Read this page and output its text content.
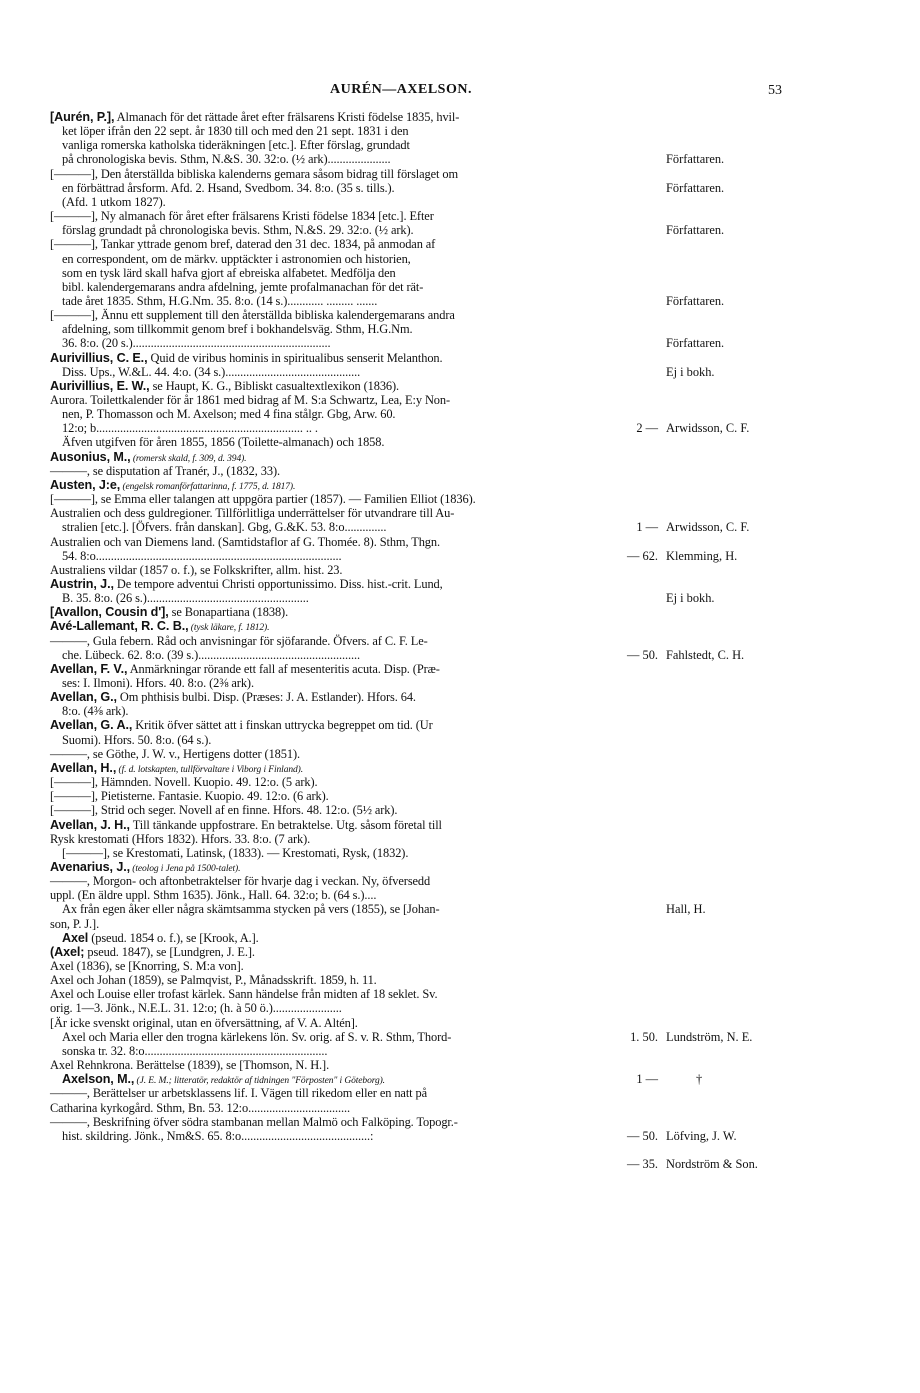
AURÉN—AXELSON.	53
[Aurén, P.], Almanach för det rättade året efter frälsarens Kristi födelse 1835, hvil-
ket löper ifrån den 22 sept. år 1830 till och med den 21 sept. 1831 i den
vanliga romerska katholska tideräkningen [etc.]. Efter förslag, grundadt
på chronologiska bevis. Sthm, N.&S. 30. 32:o. (½ ark).....................
[———], Den återställda bibliska kalenderns gemara såsom bidrag till förslaget om
en förbättrad årsform. Afd. 2. Hsand, Svedbom. 34. 8:o. (35 s. tills.).
(Afd. 1 utkom 1827).
[———], Ny almanach för året efter frälsarens Kristi födelse 1834 [etc.]. Efter
förslag grundadt på chronologiska bevis. Sthm, N.&S. 29. 32:o. (½ ark).
[———], Tankar yttrade genom bref, daterad den 31 dec. 1834, på anmodan af
en correspondent, om de märkv. upptäckter i astronomien och historien,
som en tysk lärd skall hafva gjort af ebreiska alfabetet. Medfölja den
bibl. kalendergemarans andra afdelning, jemte profalmanachan för det rät-
tade året 1835. Sthm, H.G.Nm. 35. 8:o. (14 s.)............ ......... .......
[———], Ännu ett supplement till den återställda bibliska kalendergemarans andra
afdelning, som tillkommit genom bref i bokhandelsväg. Sthm, H.G.Nm.
36. 8:o. (20 s.)..................................................................
Aurivillius, C. E., Quid de viribus hominis in spiritualibus senserit Melanthon.
Diss. Ups., W.&L. 44. 4:o. (34 s.).............................................
Aurivillius, E. W., se Haupt, K. G., Bibliskt casualtextlexikon (1836).
Aurora. Toilettkalender för år 1861 med bidrag af M. S:a Schwartz, Lea, E:y Non-
nen, P. Thomasson och M. Axelson; med 4 fina stålgr. Gbg, Arw. 60.
12:o; b..................................................................... .. .
Äfven utgifven för åren 1855, 1856 (Toilette-almanach) och 1858.
Ausonius, M., (romersk skald, f. 309, d. 394).
———, se disputation af Tranér, J., (1832, 33).
Austen, J:e, (engelsk romanförfattarinna, f. 1775, d. 1817).
[———], se Emma eller talangen att uppgöra partier (1857). — Familien Elliot (1836).
Australien och dess guldregioner. Tillförlitliga underrättelser för utvandrare till Au-
stralien [etc.]. [Öfvers. från danskan]. Gbg, G.&K. 53. 8:o..............
Australien och van Diemens land. (Samtidstaflor af G. Thomée. 8). Sthm, Thgn.
54. 8:o..................................................................................
Australiens vildar (1857 o. f.), se Folkskrifter, allm. hist. 23.
Austrin, J., De tempore adventui Christi opportunissimo. Diss. hist.-crit. Lund,
B. 35. 8:o. (26 s.)......................................................
[Avallon, Cousin d'], se Bonapartiana (1838).
Avé-Lallemant, R. C. B., (tysk läkare, f. 1812).
———, Gula febern. Råd och anvisningar för sjöfarande. Öfvers. af C. F. Le-
che. Lübeck. 62. 8:o. (39 s.)......................................................
Avellan, F. V., Anmärkningar rörande ett fall af mesenteritis acuta. Disp. (Præ-
ses: I. Ilmoni). Hfors. 40. 8:o. (2⅜ ark).
Avellan, G., Om phthisis bulbi. Disp. (Præses: J. A. Estlander). Hfors. 64.
8:o. (4⅜ ark).
Avellan, G. A., Kritik öfver sättet att i finskan uttrycka begreppet om tid. (Ur
Suomi). Hfors. 50. 8:o. (64 s.).
———, se Göthe, J. W. v., Hertigens dotter (1851).
Avellan, H., (f. d. lotskapten, tullförvaltare i Viborg i Finland).
[———], Hämnden. Novell. Kuopio. 49. 12:o. (5 ark).
[———], Pietisterne. Fantasie. Kuopio. 49. 12:o. (6 ark).
[———], Strid och seger. Novell af en finne. Hfors. 48. 12:o. (5½ ark).
Avellan, J. H., Till tänkande uppfostrare. En betraktelse. Utg. såsom företal till
Rysk krestomati (Hfors 1832). Hfors. 33. 8:o. (7 ark).
[———], se Krestomati, Latinsk, (1833). — Krestomati, Rysk, (1832).
Avenarius, J., (teolog i Jena på 1500-talet).
———, Morgon- och aftonbetraktelser för hvarje dag i veckan. Ny, öfversedd
uppl. (En äldre uppl. Sthm 1635). Jönk., Hall. 64. 32:o; b. (64 s.)....
Ax från egen åker eller några skämtsamma stycken på vers (1855), se [Johan-
son, P. J.].
Axel (pseud. 1854 o. f.), se [Krook, A.].
(Axel; pseud. 1847), se [Lundgren, J. E.].
Axel (1836), se [Knorring, S. M:a von].
Axel och Johan (1859), se Palmqvist, P., Månadsskrift. 1859, h. 11.
Axel och Louise eller trofast kärlek. Sann händelse från midten af 18 seklet. Sv.
orig. 1—3. Jönk., N.E.L. 31. 12:o; (h. à 50 ö.).......................
[Är icke svenskt original, utan en öfversättning, af V. A. Altén].
Axel och Maria eller den trogna kärlekens lön. Sv. orig. af S. v. R. Sthm, Thord-
sonska tr. 32. 8:o.............................................................
Axel Rehnkrona. Berättelse (1839), se [Thomson, N. H.].
Axelson, M., (J. E. M.; litteratör, redaktör af tidningen "Förposten" i Göteborg).
———, Berättelser ur arbetsklassens lif. I. Vägen till rikedom eller en natt på
Catharina kyrkogård. Sthm, Bn. 53. 12:o..................................
———, Beskrifning öfver södra stambanan mellan Malmö och Falköping. Topogr.-
hist. skildring. Jönk., Nm&S. 65. 8:o...........................................:
Författaren.
Författaren.
Författaren.
Författaren.
Författaren.
Ej i bokh.
2 — Arwidsson, C. F.
1 — Arwidsson, C. F.
— 62. Klemming, H.
Ej i bokh.
— 50. Fahlstedt, C. H.
Hall, H.
1. 50. Lundström, N. E.
1 —	†
— 50. Löfving, J. W.
— 35. Nordström & Son.
